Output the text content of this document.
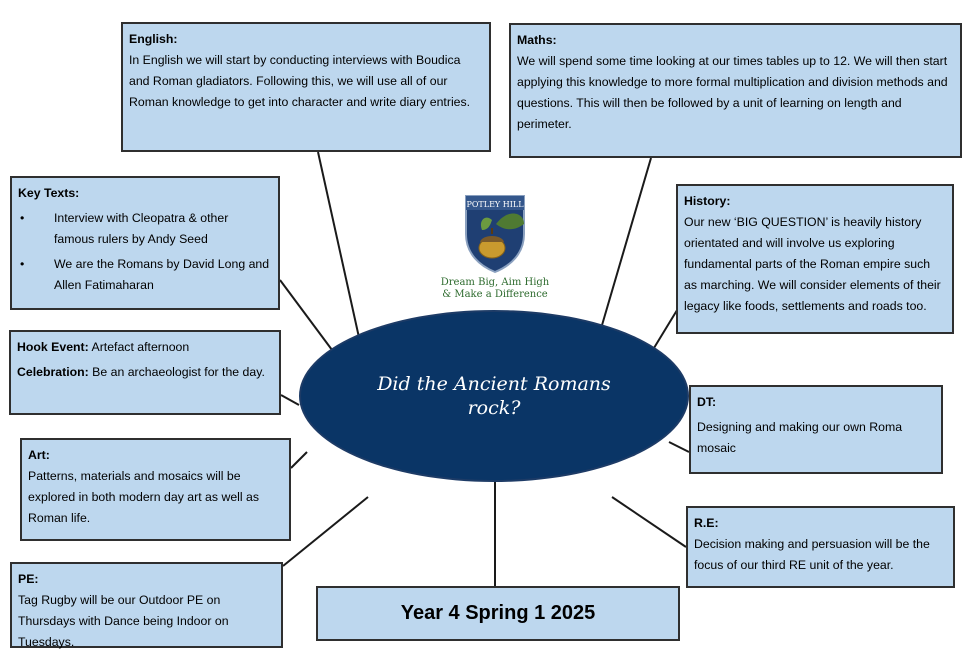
English:

In English we will start by conducting interviews with Boudica and Roman gladiators. Following this, we will use all of our Roman knowledge to get into character and write diary entries.

Maths:

We will spend some time looking at our times tables up to 12. We will then start applying this knowledge to more formal multiplication and division methods and questions. This will then be followed by a unit of learning on length and perimeter.

Key Texts:
• Interview with Cleopatra & other famous rulers by Andy Seed
• We are the Romans by David Long and Allen Fatimaharan
History:

Our new ‘BIG QUESTION’ is heavily history orientated and will involve us exploring fundamental parts of the Roman empire such as marching. We will consider elements of their legacy like foods, settlements and roads too.

Hook Event: Artefact afternoon

Celebration: Be an archaeologist for the day.

DT:

Designing and making our own Roma mosaic

Art:

Patterns, materials and mosaics will be explored in both modern day art as well as Roman life.	R.E:

Decision making and persuasion will be the focus of our third RE unit of the year.

PE:

Tag Rugby will be our Outdoor PE on Thursdays with Dance being Indoor on Tuesdays.

Did the Ancient Romans rock?
Year 4 Spring 1 2025
POTLEY HILL
Dream Big, Aim High
& Make a Difference
